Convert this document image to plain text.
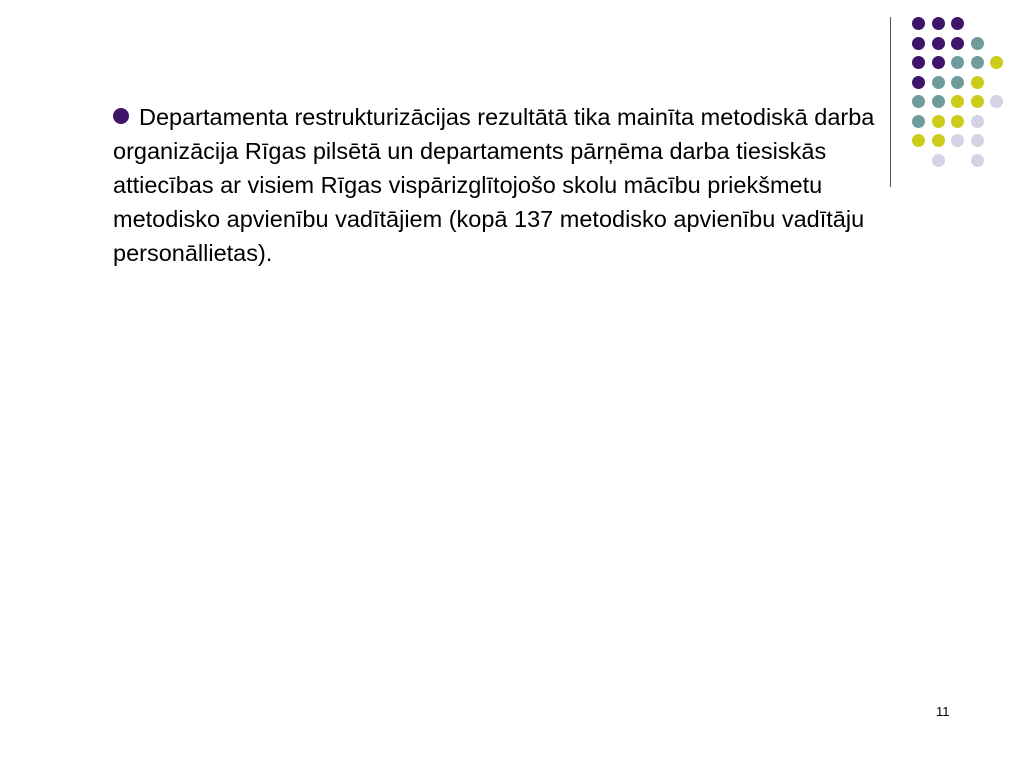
Departamenta restrukturizācijas rezultātā tika mainīta metodiskā darba organizācija Rīgas pilsētā un departaments pārņēma darba tiesiskās attiecības ar visiem Rīgas vispārizglītojošo skolu mācību priekšmetu metodisko apvienību vadītājiem (kopā 137 metodisko apvienību vadītāju personāllietas).
11
